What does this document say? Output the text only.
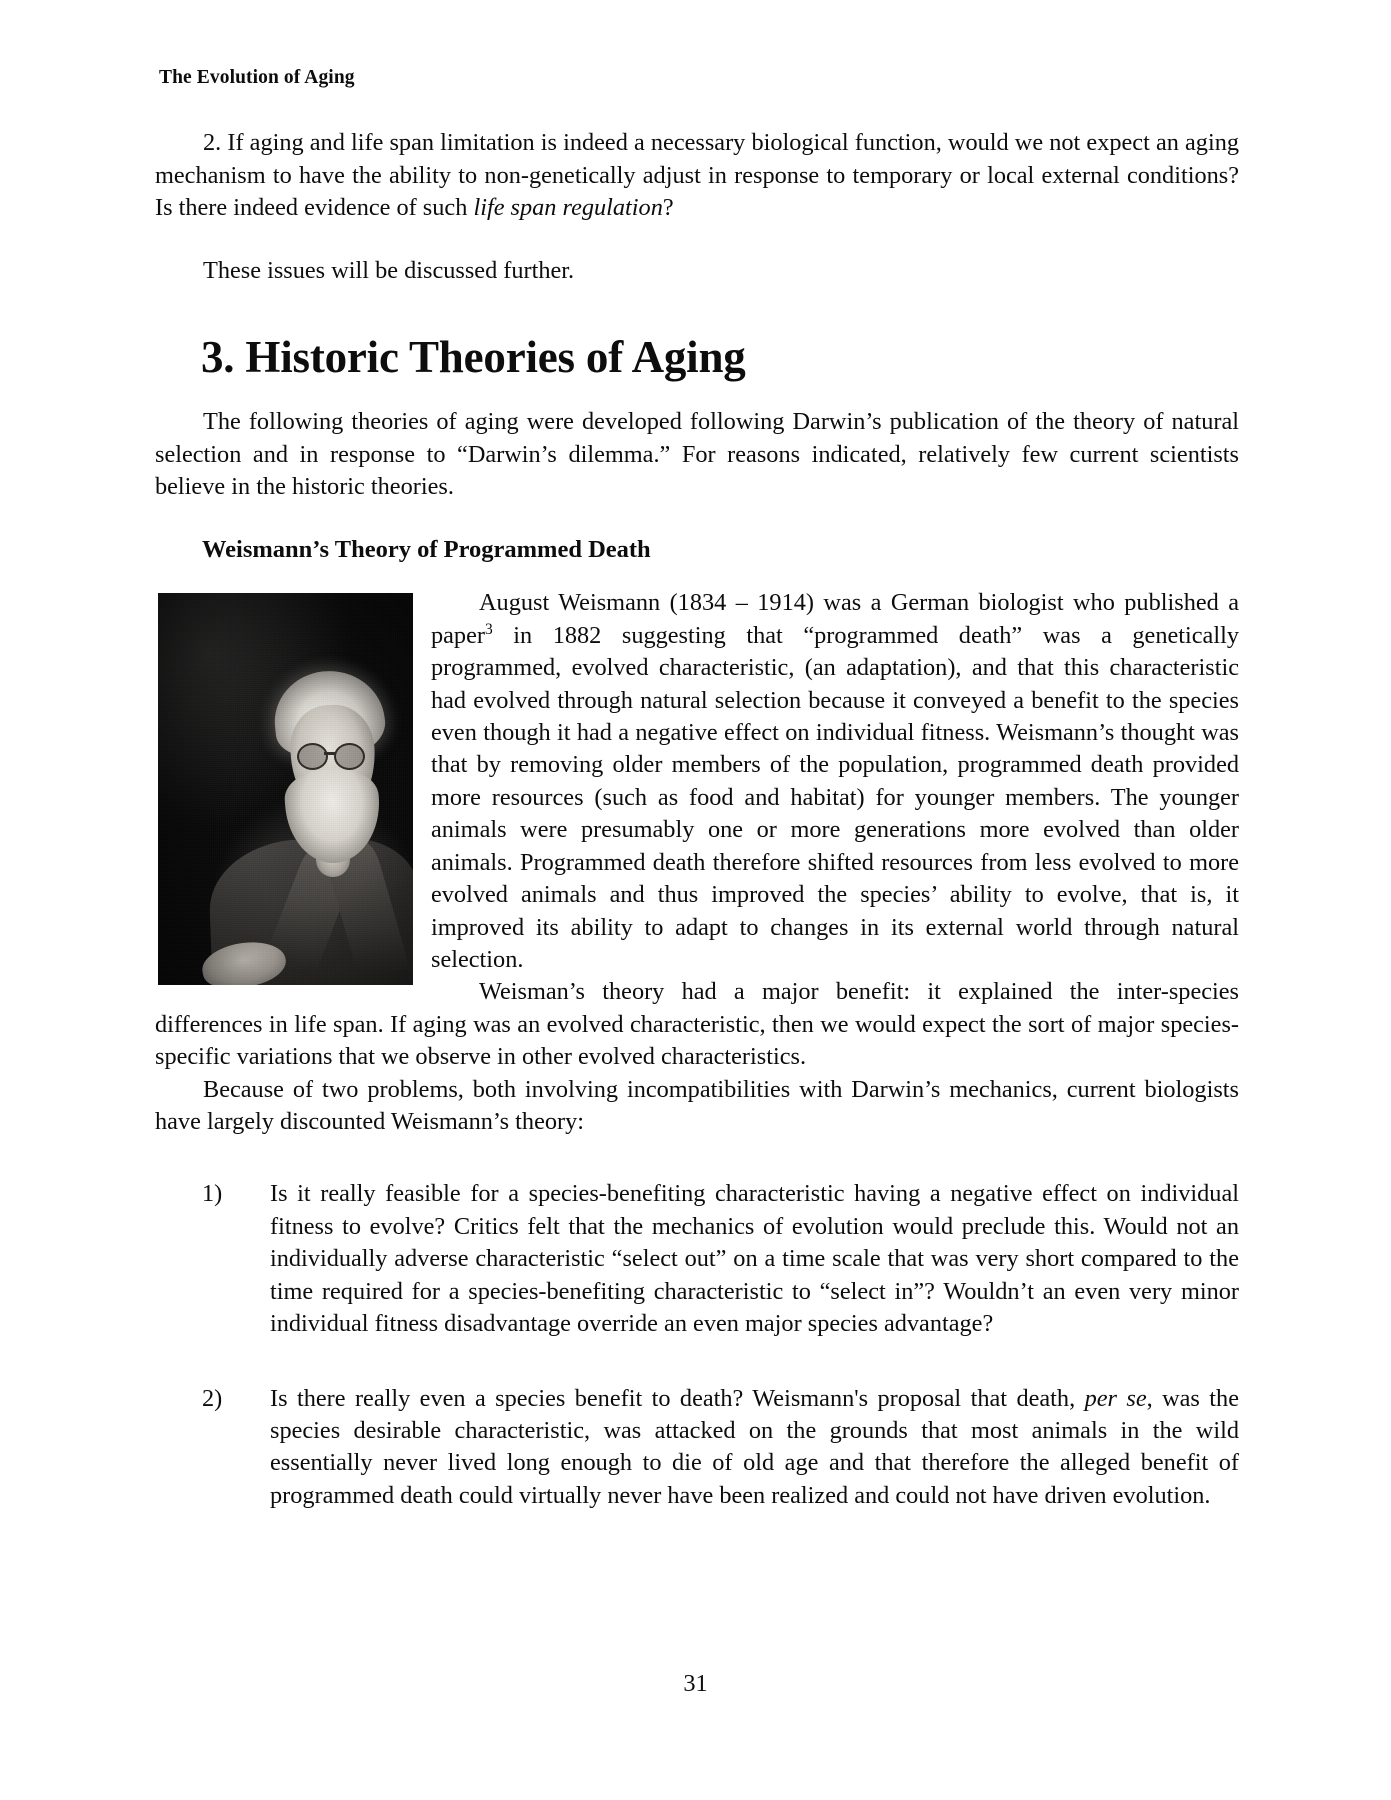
The Evolution of Aging

2. If aging and life span limitation is indeed a necessary biological function, would we not expect an aging mechanism to have the ability to non-genetically adjust in response to temporary or local external conditions? Is there indeed evidence of such life span regulation?

These issues will be discussed further.

3. Historic Theories of Aging

The following theories of aging were developed following Darwin’s publication of the theory of natural selection and in response to “Darwin’s dilemma.” For reasons indicated, relatively few current scientists believe in the historic theories.

Weismann’s Theory of Programmed Death

August Weismann (1834 – 1914) was a German biologist who published a paper$^3$ in 1882 suggesting that “programmed death” was a genetically programmed, evolved characteristic, (an adaptation), and that this characteristic had evolved through natural selection because it conveyed a benefit to the species even though it had a negative effect on individual fitness. Weismann’s thought was that by removing older members of the population, programmed death provided more resources (such as food and habitat) for younger members. The younger animals were presumably one or more generations more evolved than older animals. Programmed death therefore shifted resources from less evolved to more evolved animals and thus improved the species’ ability to evolve, that is, it improved its ability to adapt to changes in its external world through natural selection.

Weisman’s theory had a major benefit: it explained the inter-species differences in life span. If aging was an evolved characteristic, then we would expect the sort of major species-specific variations that we observe in other evolved characteristics.

Because of two problems, both involving incompatibilities with Darwin’s mechanics, current biologists have largely discounted Weismann’s theory:

1) Is it really feasible for a species-benefiting characteristic having a negative effect on individual fitness to evolve? Critics felt that the mechanics of evolution would preclude this. Would not an individually adverse characteristic “select out” on a time scale that was very short compared to the time required for a species-benefiting characteristic to “select in”? Wouldn’t an even very minor individual fitness disadvantage override an even major species advantage?
2) Is there really even a species benefit to death? Weismann's proposal that death, per se, was the species desirable characteristic, was attacked on the grounds that most animals in the wild essentially never lived long enough to die of old age and that therefore the alleged benefit of programmed death could virtually never have been realized and could not have driven evolution.
31
